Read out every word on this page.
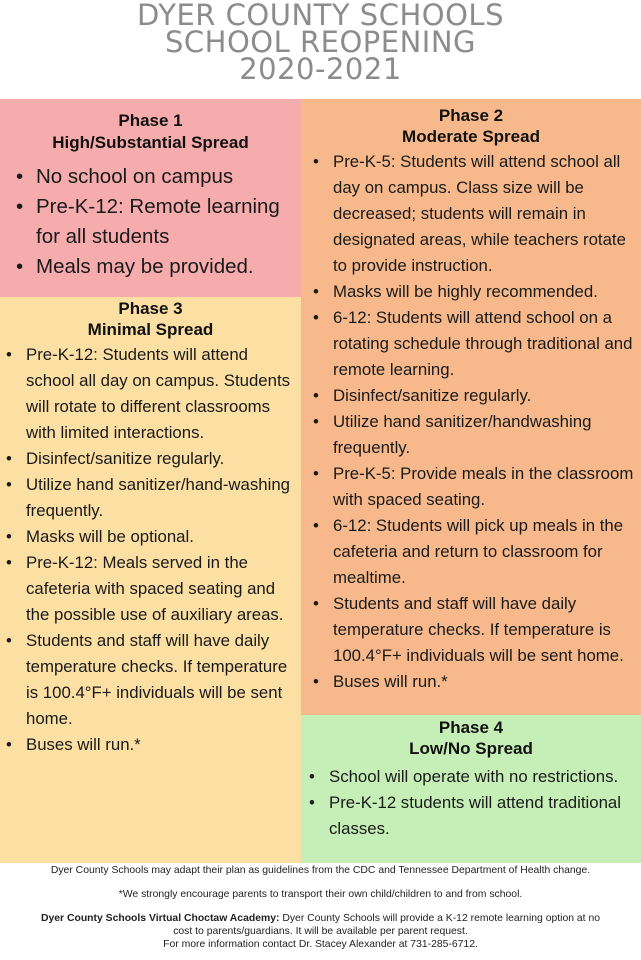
DYER COUNTY SCHOOLS
SCHOOL REOPENING
2020-2021
Phase 1
High/Substantial Spread
• No school on campus
• Pre-K-12: Remote learning for all students
• Meals may be provided.
Phase 2
Moderate Spread
• Pre-K-5: Students will attend school all day on campus. Class size will be decreased; students will remain in designated areas, while teachers rotate to provide instruction.
• Masks will be highly recommended.
• 6-12: Students will attend school on a rotating schedule through traditional and remote learning.
• Disinfect/sanitize regularly.
• Utilize hand sanitizer/handwashing frequently.
• Pre-K-5: Provide meals in the classroom with spaced seating.
• 6-12: Students will pick up meals in the cafeteria and return to classroom for mealtime.
• Students and staff will have daily temperature checks. If temperature is 100.4°F+ individuals will be sent home.
• Buses will run.*
Phase 3
Minimal Spread
• Pre-K-12: Students will attend school all day on campus. Students will rotate to different classrooms with limited interactions.
• Disinfect/sanitize regularly.
• Utilize hand sanitizer/hand-washing frequently.
• Masks will be optional.
• Pre-K-12: Meals served in the cafeteria with spaced seating and the possible use of auxiliary areas.
• Students and staff will have daily temperature checks. If temperature is 100.4°F+ individuals will be sent home.
• Buses will run.*
Phase 4
Low/No Spread
• School will operate with no restrictions.
• Pre-K-12 students will attend traditional classes.

Dyer County Schools may adapt their plan as guidelines from the CDC and Tennessee Department of Health change.

*We strongly encourage parents to transport their own child/children to and from school.

Dyer County Schools Virtual Choctaw Academy: Dyer County Schools will provide a K-12 remote learning option at no
cost to parents/guardians. It will be available per parent request.
For more information contact Dr. Stacey Alexander at 731-285-6712.
